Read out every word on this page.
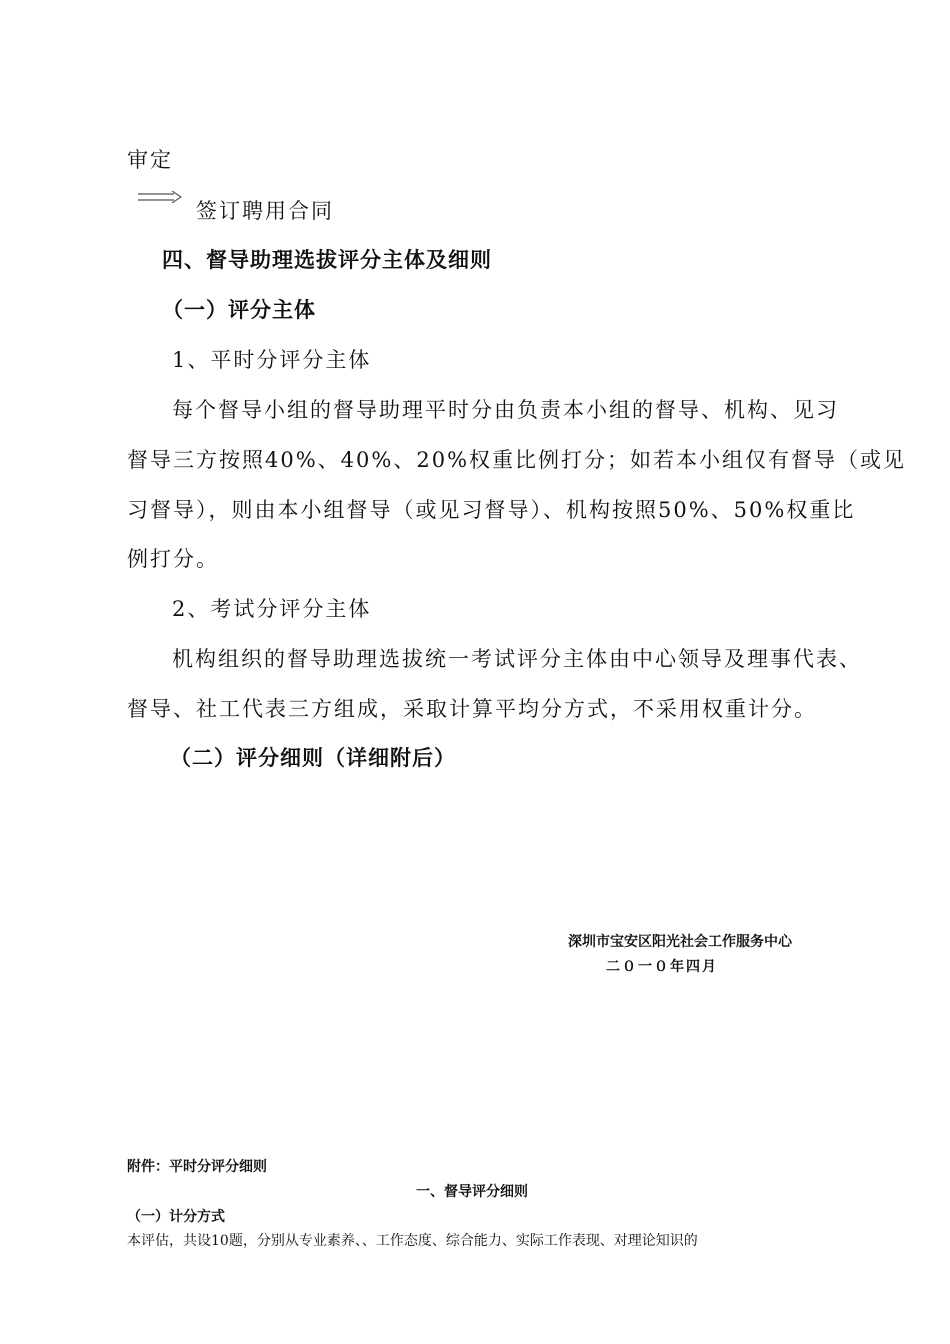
审定
签订聘用合同
四、督导助理选拔评分主体及细则
（一）评分主体
1、平时分评分主体
每个督导小组的督导助理平时分由负责本小组的督导、机构、见习
督导三方按照40%、40%、20%权重比例打分；如若本小组仅有督导（或见
习督导），则由本小组督导（或见习督导）、机构按照50%、50%权重比
例打分。
2、考试分评分主体
机构组织的督导助理选拔统一考试评分主体由中心领导及理事代表、
督导、社工代表三方组成，采取计算平均分方式，不采用权重计分。
（二）评分细则（详细附后）
深圳市宝安区阳光社会工作服务中心
二０一０年四月
附件：平时分评分细则
一、督导评分细则
（一）计分方式
本评估，共设10题，分别从专业素养、、工作态度、综合能力、实际工作表现、对理论知识的
